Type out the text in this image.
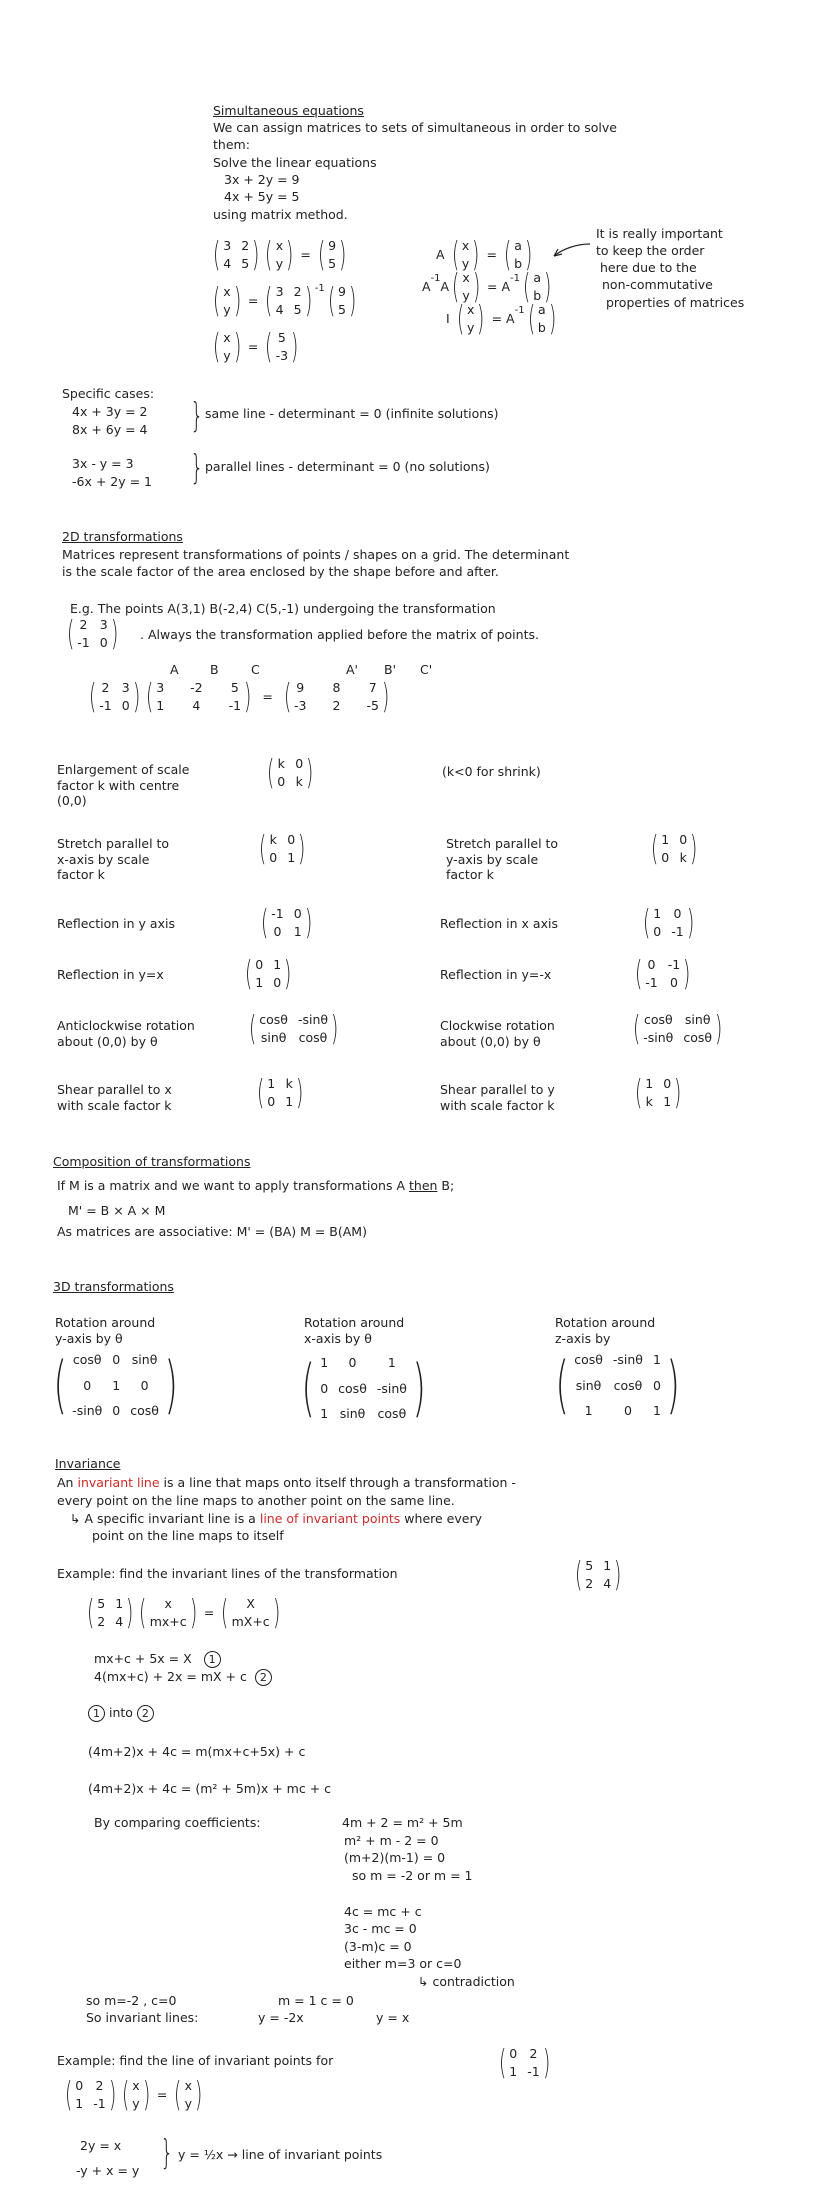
Simultaneous equations
We can assign matrices to sets of simultaneous in order to solve
them:
Solve the linear equations
3x + 2y = 9
4x + 5y = 5
using matrix method.
( 3 2
4 5 ) ( x
y ) = ( 9
5 )
( x
y ) = ( 3 2
4 5 ) $^{-1}$ ( 9
5 )
( x
y ) = ( 5
-3 )
A
( x
y ) = ( a
b )
A
$^{-1}$
A ( x
y ) = A
$^{-1}$ ( a
b )
I
( x
y ) = A
$^{-1}$ ( a
b )
It is really important
to keep the order
here due to the
non-commutative
properties of matrices
Specific cases:
4x + 3y = 2
8x + 6y = 4 } same line - determinant = 0 (infinite solutions)
3x - y = 3
-6x + 2y = 1 } parallel lines - determinant = 0 (no solutions)
2D transformations
Matrices represent transformations of points / shapes on a grid. The determinant
is the scale factor of the area enclosed by the shape before and after.
E.g. The points A(3,1) B(-2,4) C(5,-1) undergoing the transformation
( 2 3
-1 0 ) . Always the transformation applied before the matrix of points.
A	B	C	A' B' C'
( 2 3
-1 0 ) ( 3 -2 5
1 4 -1 ) = ( 9 8 7
-3 2 -5 )
Enlargement of scale
factor k with centre
(0,0)
( k 0
0 k )	(k<0 for shrink)
Stretch parallel to
x-axis by scale
factor k
( k 0
0 1 )	Stretch parallel to
y-axis by scale
factor k
( 1 0
0 k )
Reflection in y axis	( -1 0
0 1 )	Reflection in x axis	( 1 0
0 -1 )
Reflection in y=x ( 0 1
1 0 )	Reflection in y=-x ( 0 -1
-1 0 )
Anticlockwise rotation
about (0,0) by θ	( cosθ -sinθ
sinθ cosθ )	Clockwise rotation
about (0,0) by θ	( cosθ sinθ
-sinθ cosθ )
Shear parallel to x
with scale factor k	( 1 k
0 1 )	Shear parallel to y
with scale factor k ( 1 0
k 1 )
Composition of transformations
If M is a matrix and we want to apply transformations A then B;
M' = B × A × M
As matrices are associative: M' = (BA) M = B(AM)
3D transformations
Rotation around
y-axis by θ
( cosθ 0 sinθ
0	1	0
-sinθ 0 cosθ )
Rotation around
x-axis by θ
( 1	0	1
0 cosθ -sinθ
1 sinθ cosθ )
Rotation around
z-axis by
( cosθ -sinθ 1
sinθ cosθ 0
1	0	1 )
Invariance
An invariant line is a line that maps onto itself through a transformation -
every point on the line maps to another point on the same line.
↳ A specific invariant line is a line of invariant points where every
point on the line maps to itself
Example: find the invariant lines of the transformation	( 5 1
2 4 )
( 5 1
2 4 ) (	x
mx+c ) = (	X
mX+c )
mx+c + 5x = X 1
4(mx+c) + 2x = mX + c 2
1 into 2
(4m+2)x + 4c = m(mx+c+5x) + c
(4m+2)x + 4c = (m² + 5m)x + mc + c
By comparing coefficients:	4m + 2 = m² + 5m
m² + m - 2 = 0
(m+2)(m-1) = 0
so m = -2 or m = 1
4c = mc + c
3c - mc = 0
(3-m)c = 0
either m=3 or c=0
↳ contradiction
so m=-2 , c=0	m = 1 c = 0
So invariant lines:	y = -2x	y = x
Example: find the line of invariant points for	( 0 2
1 -1 )
( 0 2
1 -1 ) ( x
y ) = ( x
y )
2y = x
-y + x = y } y = ½x → line of invariant points
